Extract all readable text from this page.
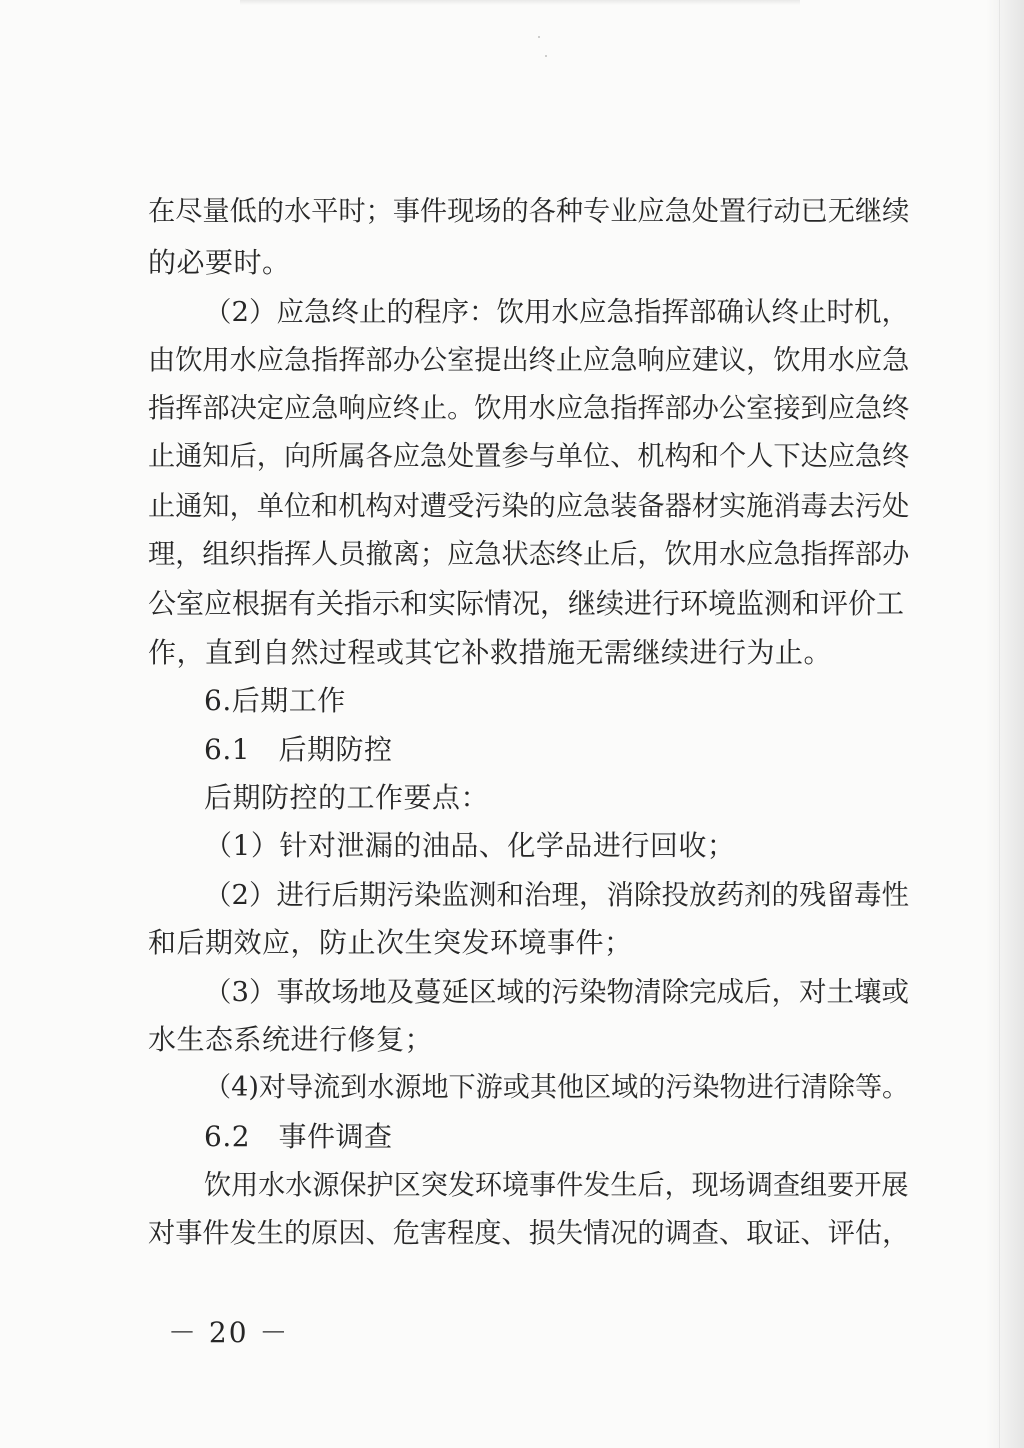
在尽量低的水平时；事件现场的各种专业应急处置行动已无继续
的必要时。
（2）应急终止的程序：饮用水应急指挥部确认终止时机，
由饮用水应急指挥部办公室提出终止应急响应建议，饮用水应急
指挥部决定应急响应终止。饮用水应急指挥部办公室接到应急终
止通知后，向所属各应急处置参与单位、机构和个人下达应急终
止通知，单位和机构对遭受污染的应急装备器材实施消毒去污处
理，组织指挥人员撤离；应急状态终止后，饮用水应急指挥部办
公室应根据有关指示和实际情况，继续进行环境监测和评价工
作，直到自然过程或其它补救措施无需继续进行为止。
6.后期工作
6.1　后期防控
后期防控的工作要点：
（1）针对泄漏的油品、化学品进行回收；
（2）进行后期污染监测和治理，消除投放药剂的残留毒性
和后期效应，防止次生突发环境事件；
（3）事故场地及蔓延区域的污染物清除完成后，对土壤或
水生态系统进行修复；
（4)对导流到水源地下游或其他区域的污染物进行清除等。
6.2　事件调查
饮用水水源保护区突发环境事件发生后，现场调查组要开展
对事件发生的原因、危害程度、损失情况的调查、取证、评估，
－ 20 －
